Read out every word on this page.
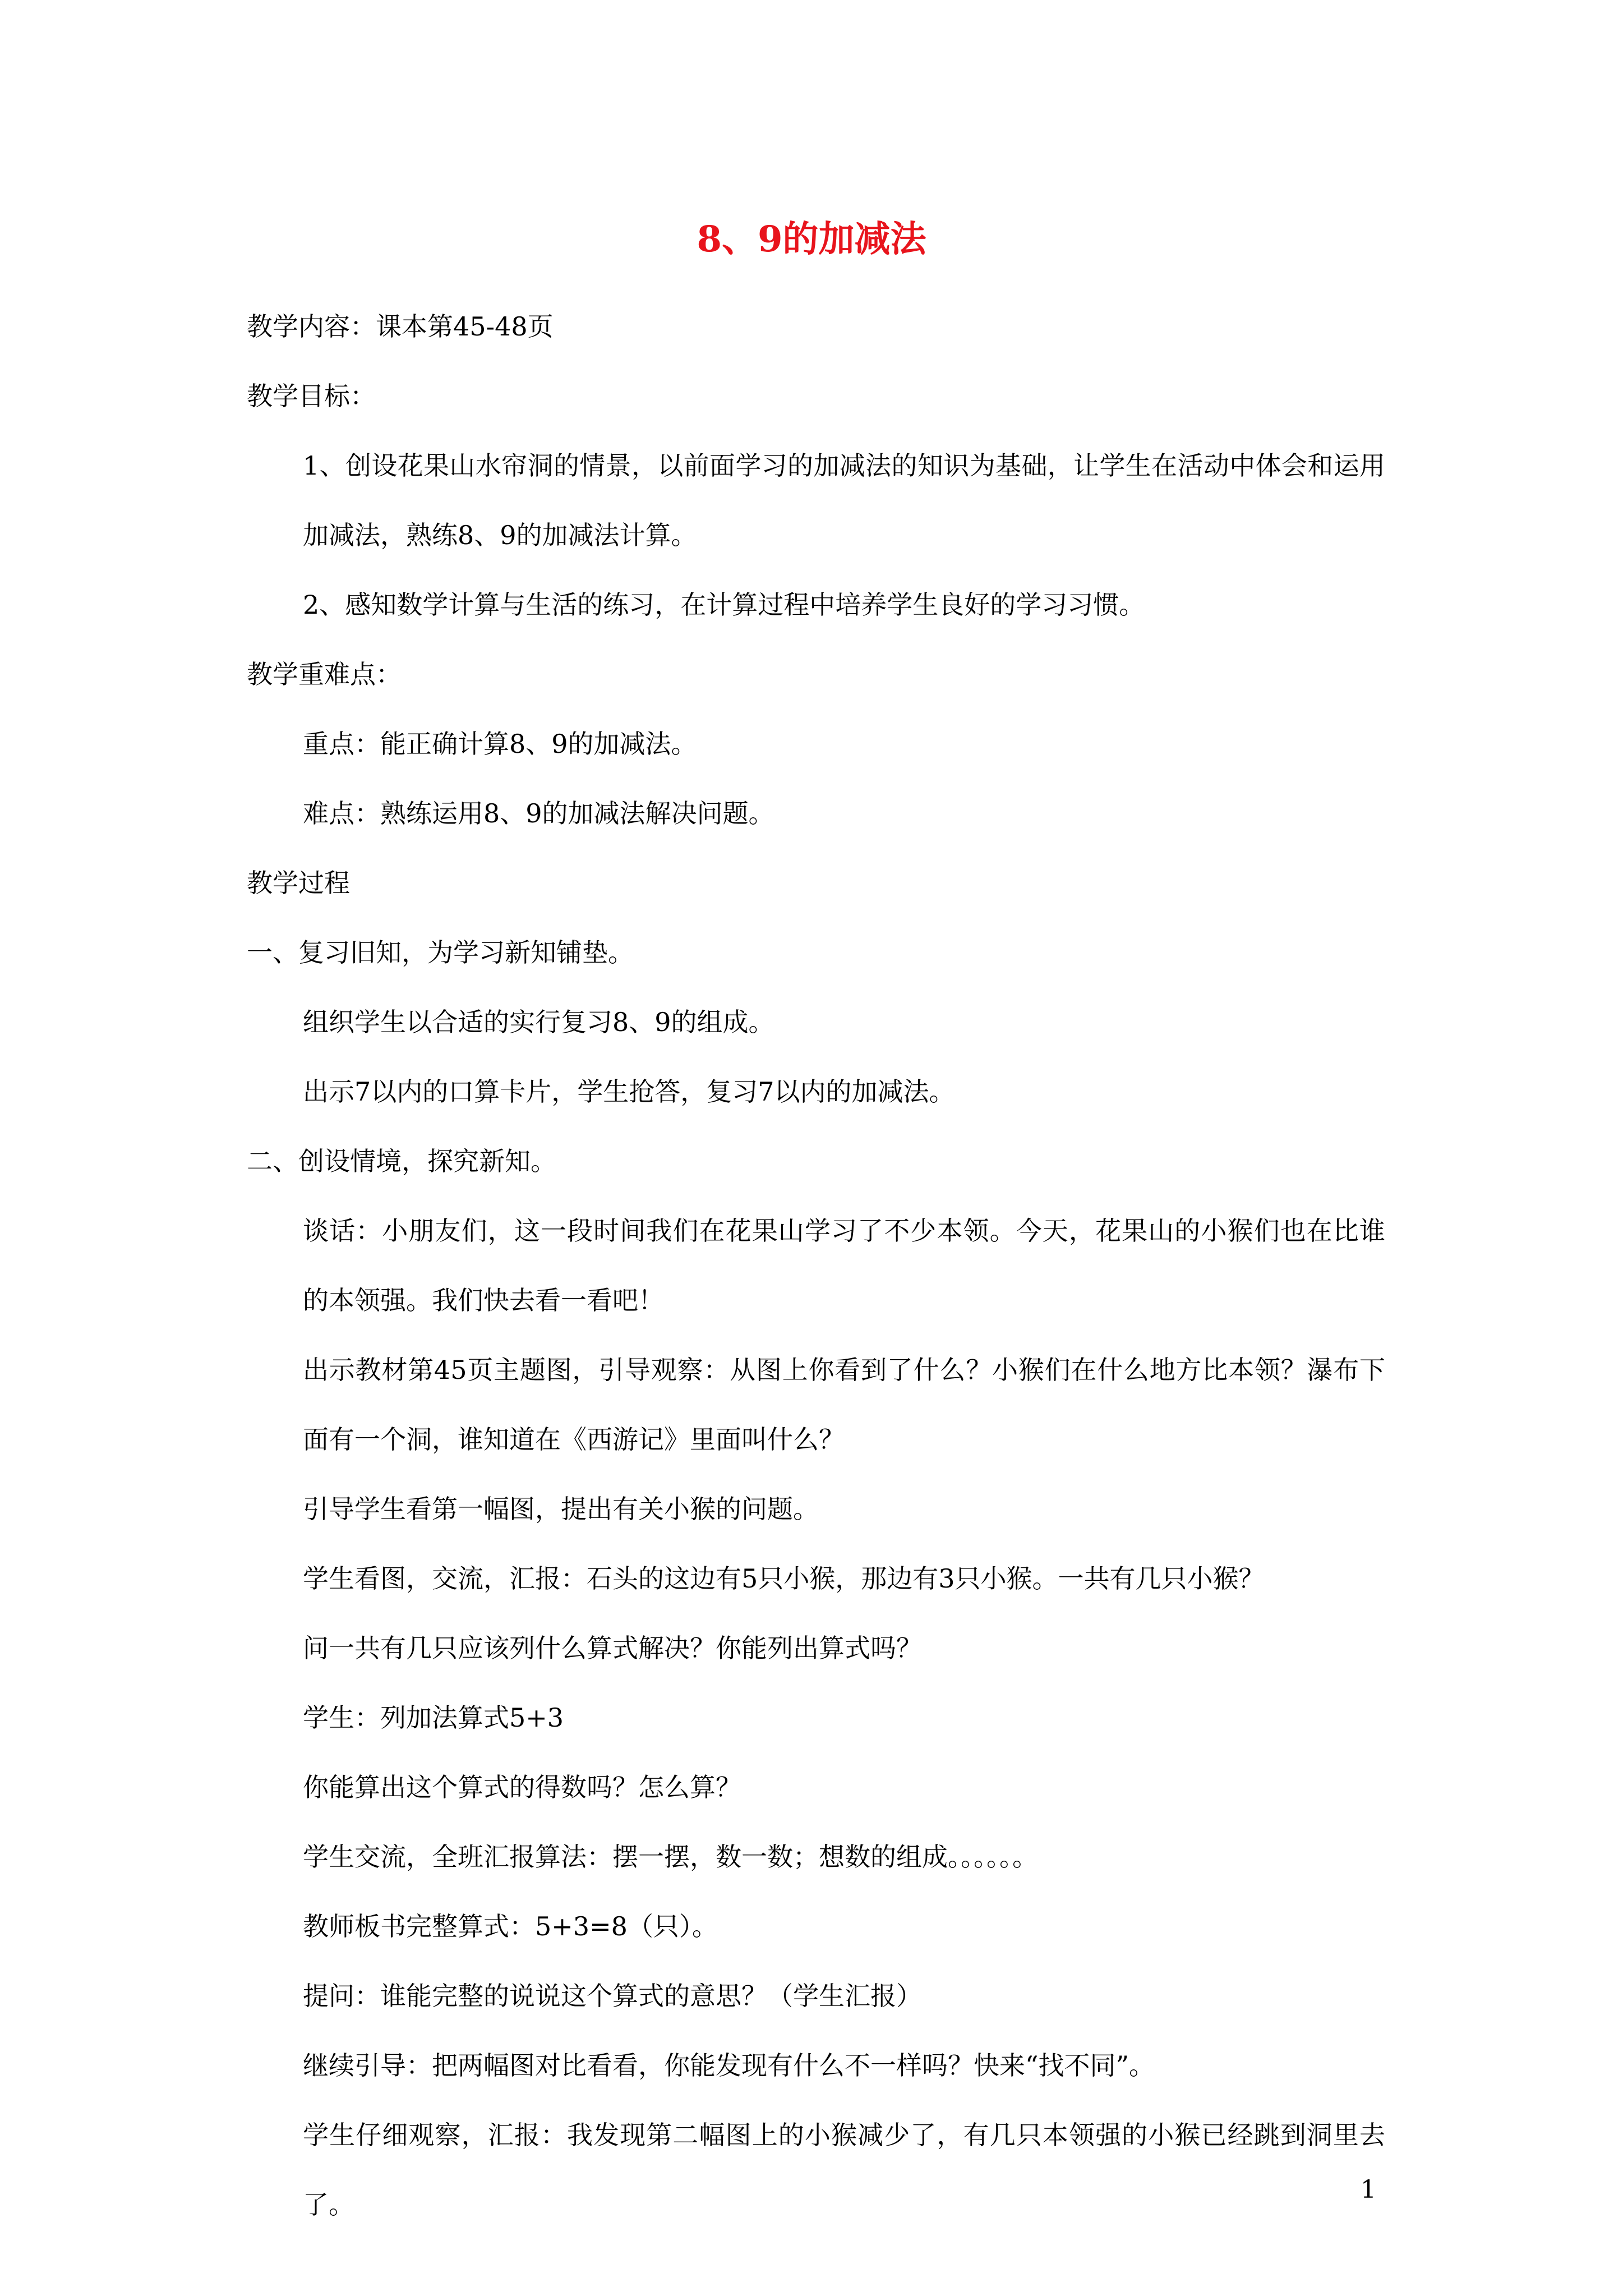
8、9的加减法
教学内容：课本第45-48页
教学目标：
1、创设花果山水帘洞的情景，以前面学习的加减法的知识为基础，让学生在活动中体会和运用加减法，熟练8、9的加减法计算。
2、感知数学计算与生活的练习，在计算过程中培养学生良好的学习习惯。
教学重难点：
重点：能正确计算8、9的加减法。
难点：熟练运用8、9的加减法解决问题。
教学过程
一、复习旧知，为学习新知铺垫。
组织学生以合适的实行复习8、9的组成。
出示7以内的口算卡片，学生抢答，复习7以内的加减法。
二、创设情境，探究新知。
谈话：小朋友们，这一段时间我们在花果山学习了不少本领。今天，花果山的小猴们也在比谁的本领强。我们快去看一看吧！
出示教材第45页主题图，引导观察：从图上你看到了什么？小猴们在什么地方比本领？瀑布下面有一个洞，谁知道在《西游记》里面叫什么？
引导学生看第一幅图，提出有关小猴的问题。
学生看图，交流，汇报：石头的这边有5只小猴，那边有3只小猴。一共有几只小猴？
问一共有几只应该列什么算式解决？你能列出算式吗？
学生：列加法算式5+3
你能算出这个算式的得数吗？怎么算？
学生交流，全班汇报算法：摆一摆，数一数；想数的组成。。。。。。
教师板书完整算式：5+3=8（只）。
提问：谁能完整的说说这个算式的意思？（学生汇报）
继续引导：把两幅图对比看看，你能发现有什么不一样吗？快来“找不同”。
学生仔细观察，汇报：我发现第二幅图上的小猴减少了，有几只本领强的小猴已经跳到洞里去了。	1
